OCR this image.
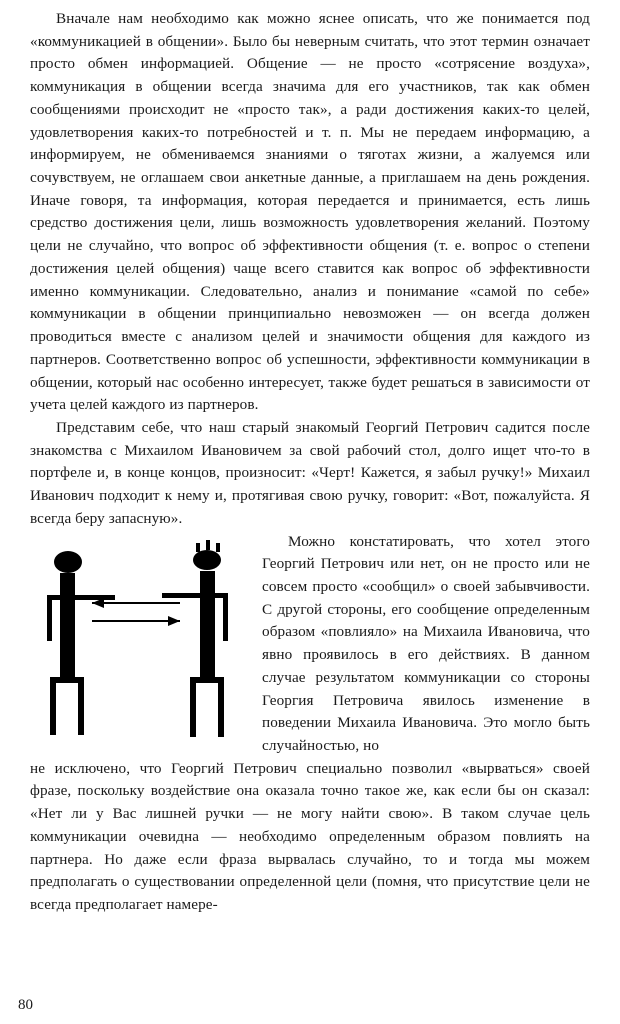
Вначале нам необходимо как можно яснее описать, что же понимается под «коммуникацией в общении». Было бы неверным считать, что этот термин означает просто обмен информацией. Общение — не просто «сотрясение воздуха», коммуникация в общении всегда значима для его участников, так как обмен сообщениями происходит не «просто так», а ради достижения каких-то целей, удовлетворения каких-то потребностей и т. п. Мы не передаем информацию, а информируем, не обмениваемся знаниями о тяготах жизни, а жалуемся или сочувствуем, не оглашаем свои анкетные данные, а приглашаем на день рождения. Иначе говоря, та информация, которая передается и принимается, есть лишь средство достижения цели, лишь возможность удовлетворения желаний. Поэтому цели не случайно, что вопрос об эффективности общения (т. е. вопрос о степени достижения целей общения) чаще всего ставится как вопрос об эффективности именно коммуникации. Следовательно, анализ и понимание «самой по себе» коммуникации в общении принципиально невозможен — он всегда должен проводиться вместе с анализом целей и значимости общения для каждого из партнеров. Соответственно вопрос об успешности, эффективности коммуникации в общении, который нас особенно интересует, также будет решаться в зависимости от учета целей каждого из партнеров.

Представим себе, что наш старый знакомый Георгий Петрович садится после знакомства с Михаилом Ивановичем за свой рабочий стол, долго ищет что-то в портфеле и, в конце концов, произносит: «Черт! Кажется, я забыл ручку!» Михаил Иванович подходит к нему и, протягивая свою ручку, говорит: «Вот, пожалуйста. Я всегда беру запасную».

Можно констатировать, что хотел этого Георгий Петрович или нет, он не просто или не совсем просто «сообщил» о своей забывчивости. С другой стороны, его сообщение определенным образом «повлияло» на Михаила Ивановича, что явно проявилось в его действиях. В данном случае результатом коммуникации со стороны Георгия Петровича явилось изменение в поведении Михаила Ивановича. Это могло быть случайностью, но

не исключено, что Георгий Петрович специально позволил «вырваться» своей фразе, поскольку воздействие она оказала точно такое же, как если бы он сказал: «Нет ли у Вас лишней ручки — не могу найти свою». В таком случае цель коммуникации очевидна — необходимо определенным образом повлиять на партнера. Но даже если фраза вырвалась случайно, то и тогда мы можем предполагать о существовании определенной цели (помня, что присутствие цели не всегда предполагает намере-

80
